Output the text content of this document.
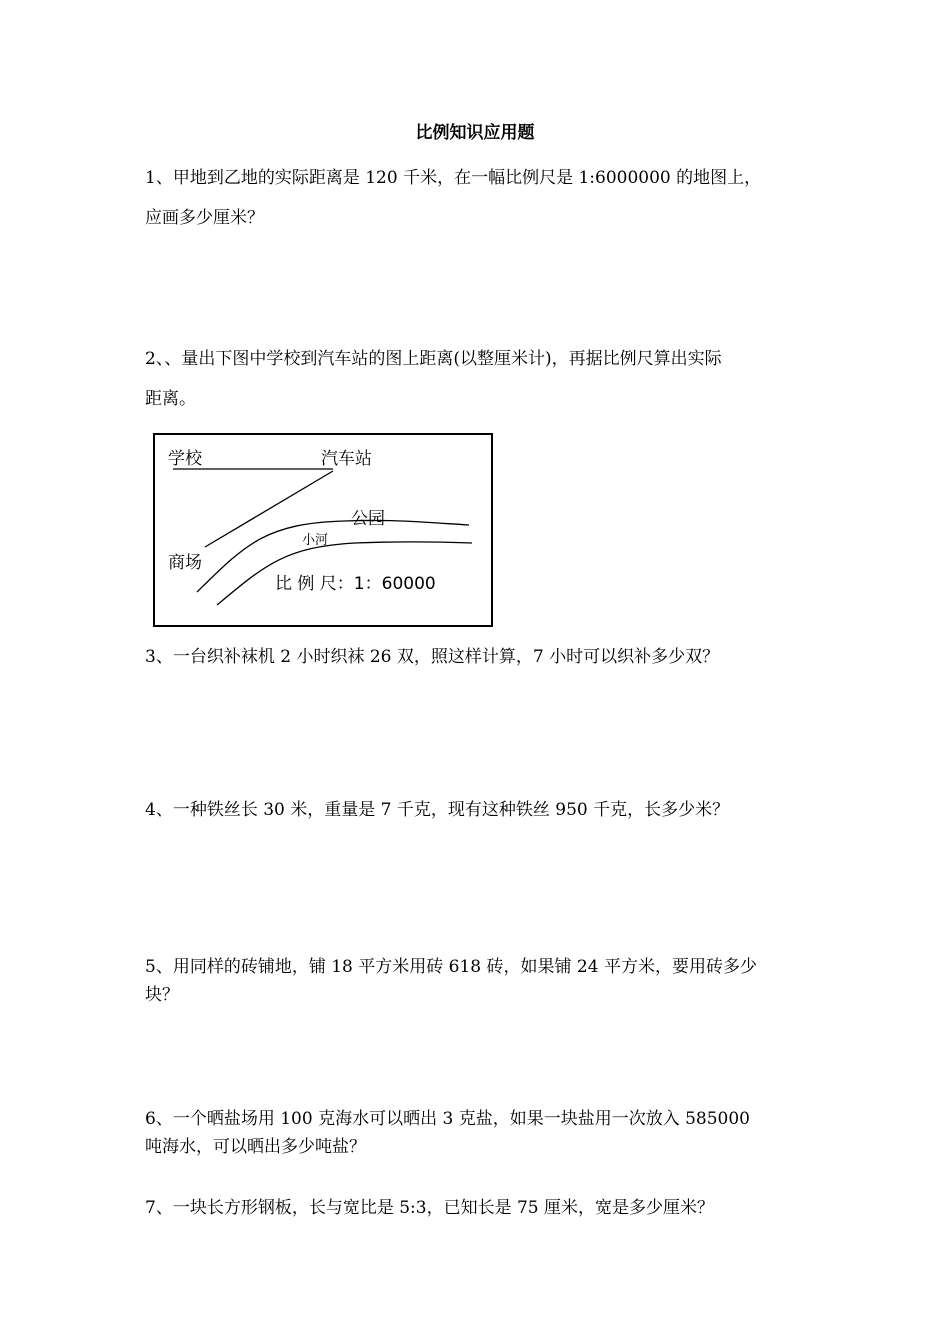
比例知识应用题
1、甲地到乙地的实际距离是 120 千米，在一幅比例尺是 1:6000000 的地图上，
应画多少厘米？
2、、量出下图中学校到汽车站的图上距离(以整厘米计)，再据比例尺算出实际
距离。
学校	汽车站
公园
小河
商场
比 例 尺：1：60000
3、一台织补袜机 2 小时织袜 26 双，照这样计算，7 小时可以织补多少双？
4、一种铁丝长 30 米，重量是 7 千克，现有这种铁丝 950 千克，长多少米？
5、用同样的砖铺地，铺 18 平方米用砖 618 砖，如果铺 24 平方米，要用砖多少
块？
6、一个晒盐场用 100 克海水可以晒出 3 克盐，如果一块盐用一次放入 585000
吨海水，可以晒出多少吨盐？
7、一块长方形钢板，长与宽比是 5:3，已知长是 75 厘米，宽是多少厘米？
